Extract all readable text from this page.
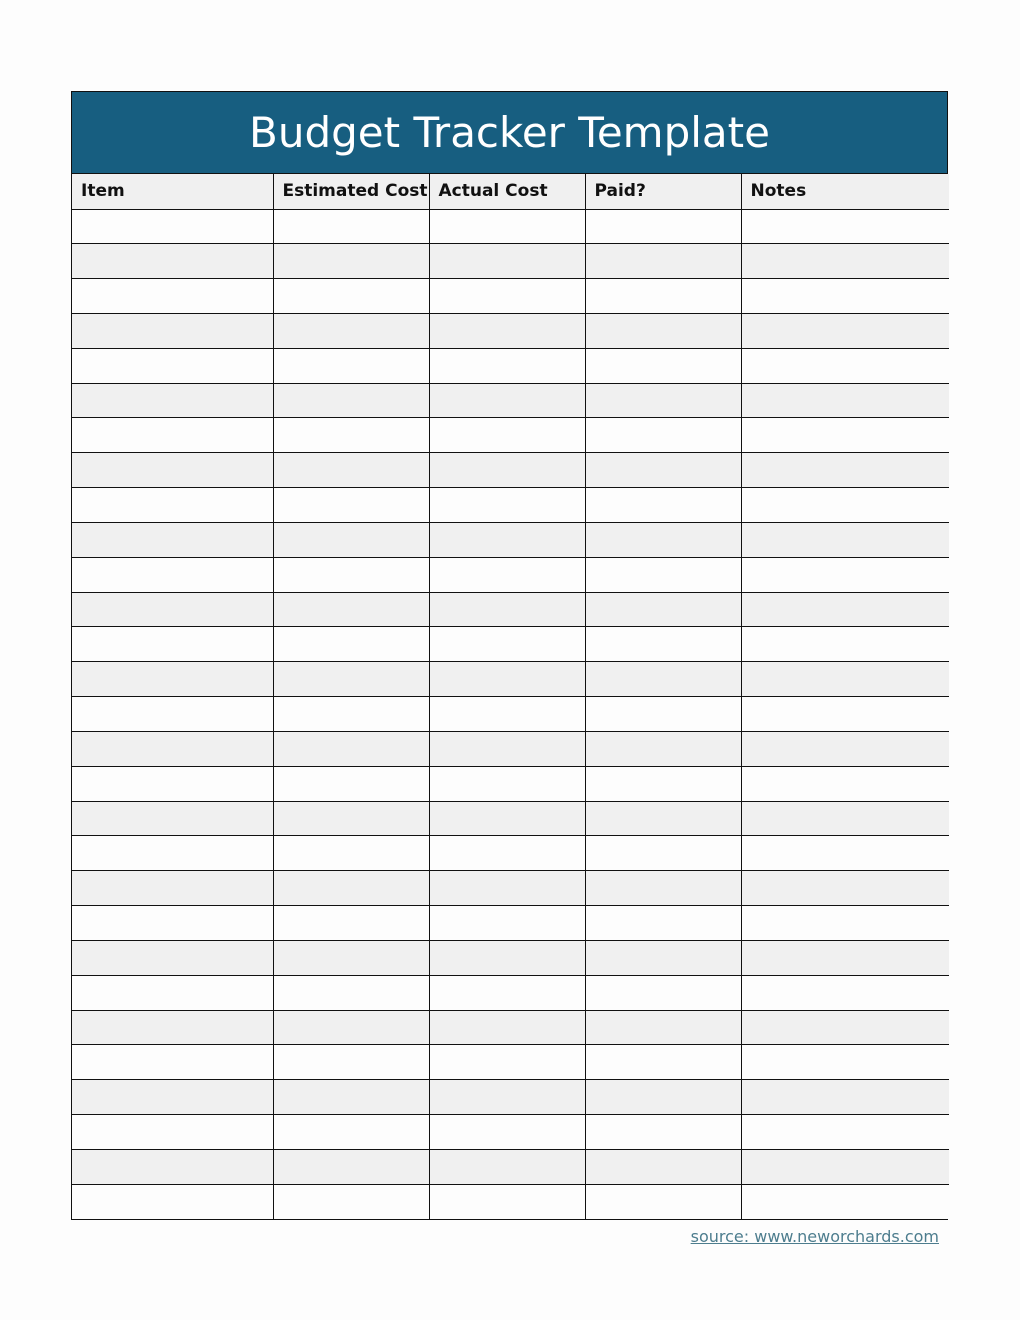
Budget Tracker Template
Item	Estimated Cost	Actual Cost	Paid?	Notes

source: www.neworchards.com
